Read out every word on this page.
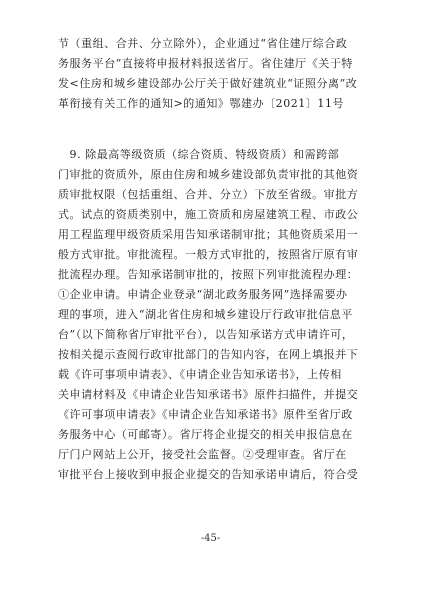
节（重组、合并、分立除外），企业通过“省住建厅综合政
务服务平台”直接将申报材料报送省厅。省住建厅《关于特
发<住房和城乡建设部办公厅关于做好建筑业“证照分离”改
革衔接有关工作的通知>的通知》鄂建办〔2021〕11号
　9. 除最高等级资质（综合资质、特级资质）和需跨部
门审批的资质外，原由住房和城乡建设部负责审批的其他资
质审批权限（包括重组、合并、分立）下放至省级。审批方
式。试点的资质类别中，施工资质和房屋建筑工程、市政公
用工程监理甲级资质采用告知承诺制审批；其他资质采用一
般方式审批。审批流程。一般方式审批的，按照省厅原有审
批流程办理。告知承诺制审批的，按照下列审批流程办理：
①企业申请。申请企业登录“湖北政务服务网”选择需要办
理的事项，进入“湖北省住房和城乡建设厅行政审批信息平
台”（以下简称省厅审批平台），以告知承诺方式申请许可，
按相关提示查阅行政审批部门的告知内容，在网上填报并下
载《许可事项申请表》、《申请企业告知承诺书》，上传相
关申请材料及《申请企业告知承诺书》原件扫描件，并提交
《许可事项申请表》《申请企业告知承诺书》原件至省厅政
务服务中心（可邮寄）。省厅将企业提交的相关申报信息在
厅门户网站上公开，接受社会监督。②受理审查。省厅在
审批平台上接收到申报企业提交的告知承诺申请后，符合受
-45-
